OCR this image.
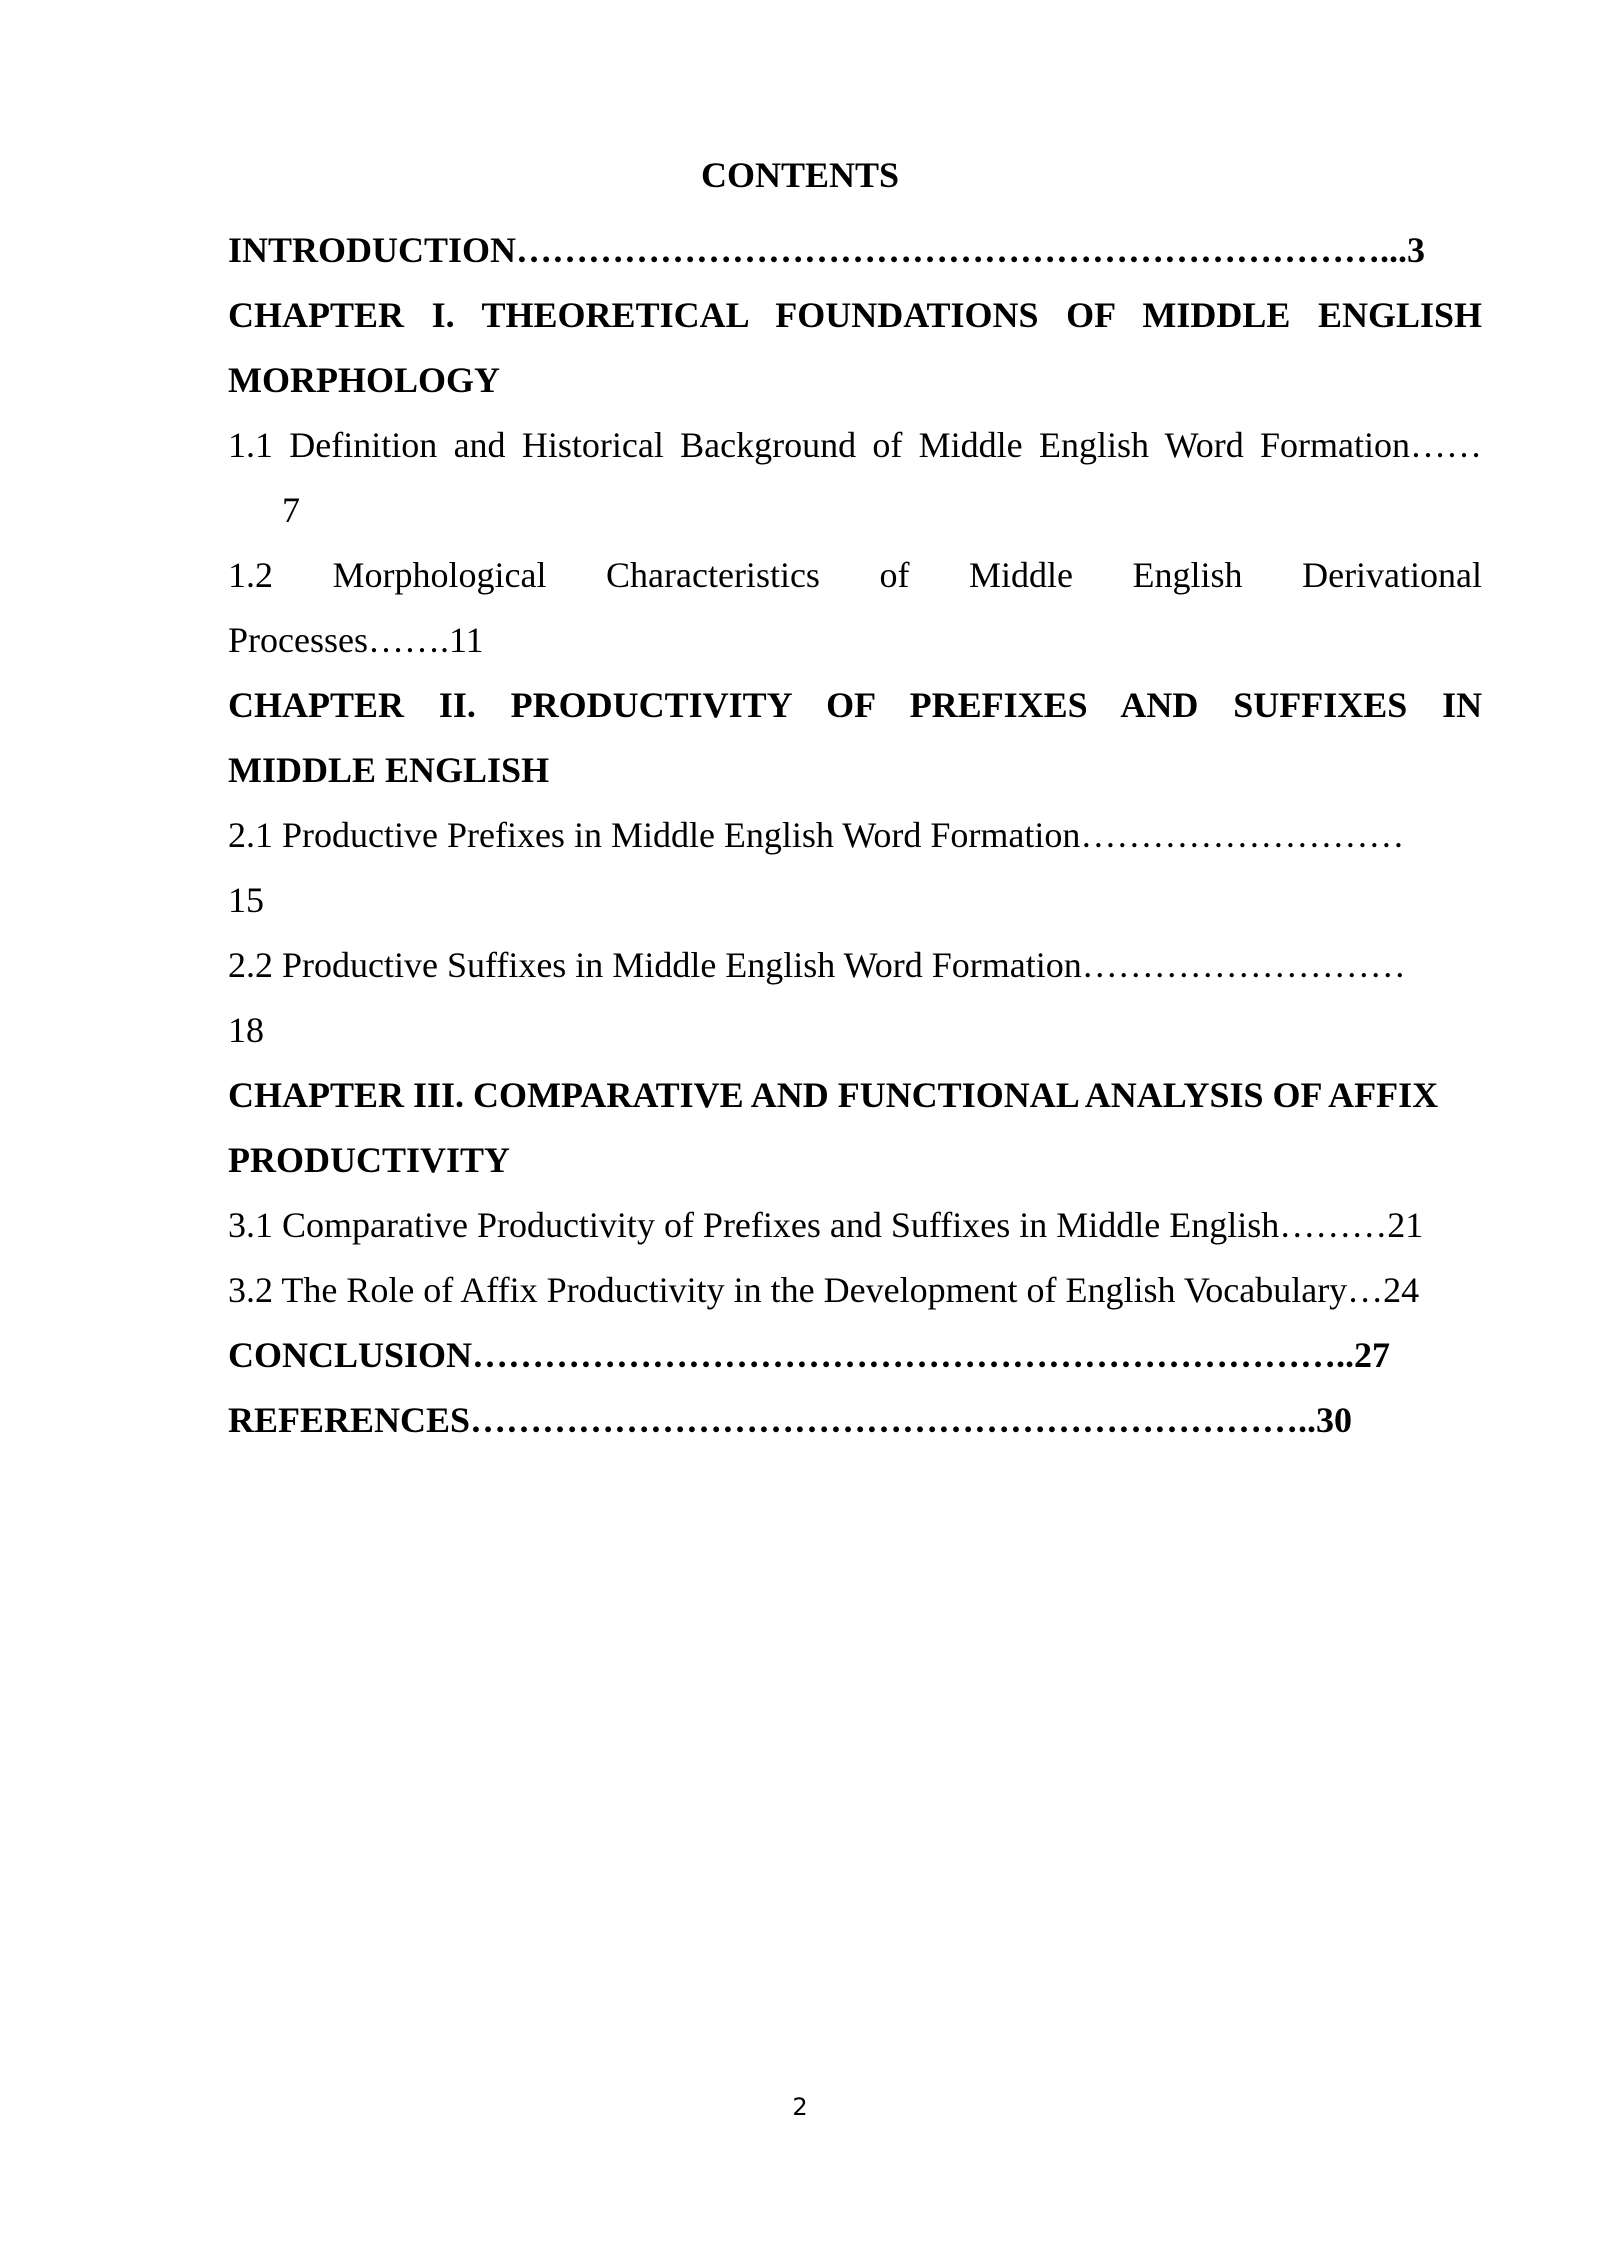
CONTENTS
INTRODUCTION………………………………………………………………...3
CHAPTER I. THEORETICAL FOUNDATIONS OF MIDDLE ENGLISH
MORPHOLOGY
1.1 Definition and Historical Background of Middle English Word Formation……
7
1.2 Morphological Characteristics of Middle English Derivational
Processes…….11
CHAPTER II. PRODUCTIVITY OF PREFIXES AND SUFFIXES IN
MIDDLE ENGLISH
2.1 Productive Prefixes in Middle English Word Formation………………………
15
2.2 Productive Suffixes in Middle English Word Formation………………………
18
CHAPTER III. COMPARATIVE AND FUNCTIONAL ANALYSIS OF AFFIX
PRODUCTIVITY
3.1 Comparative Productivity of Prefixes and Suffixes in Middle English………21
3.2 The Role of Affix Productivity in the Development of English Vocabulary…24
CONCLUSION………………………………………………………………..27
REFERENCES……………………………………………………………..30
2
